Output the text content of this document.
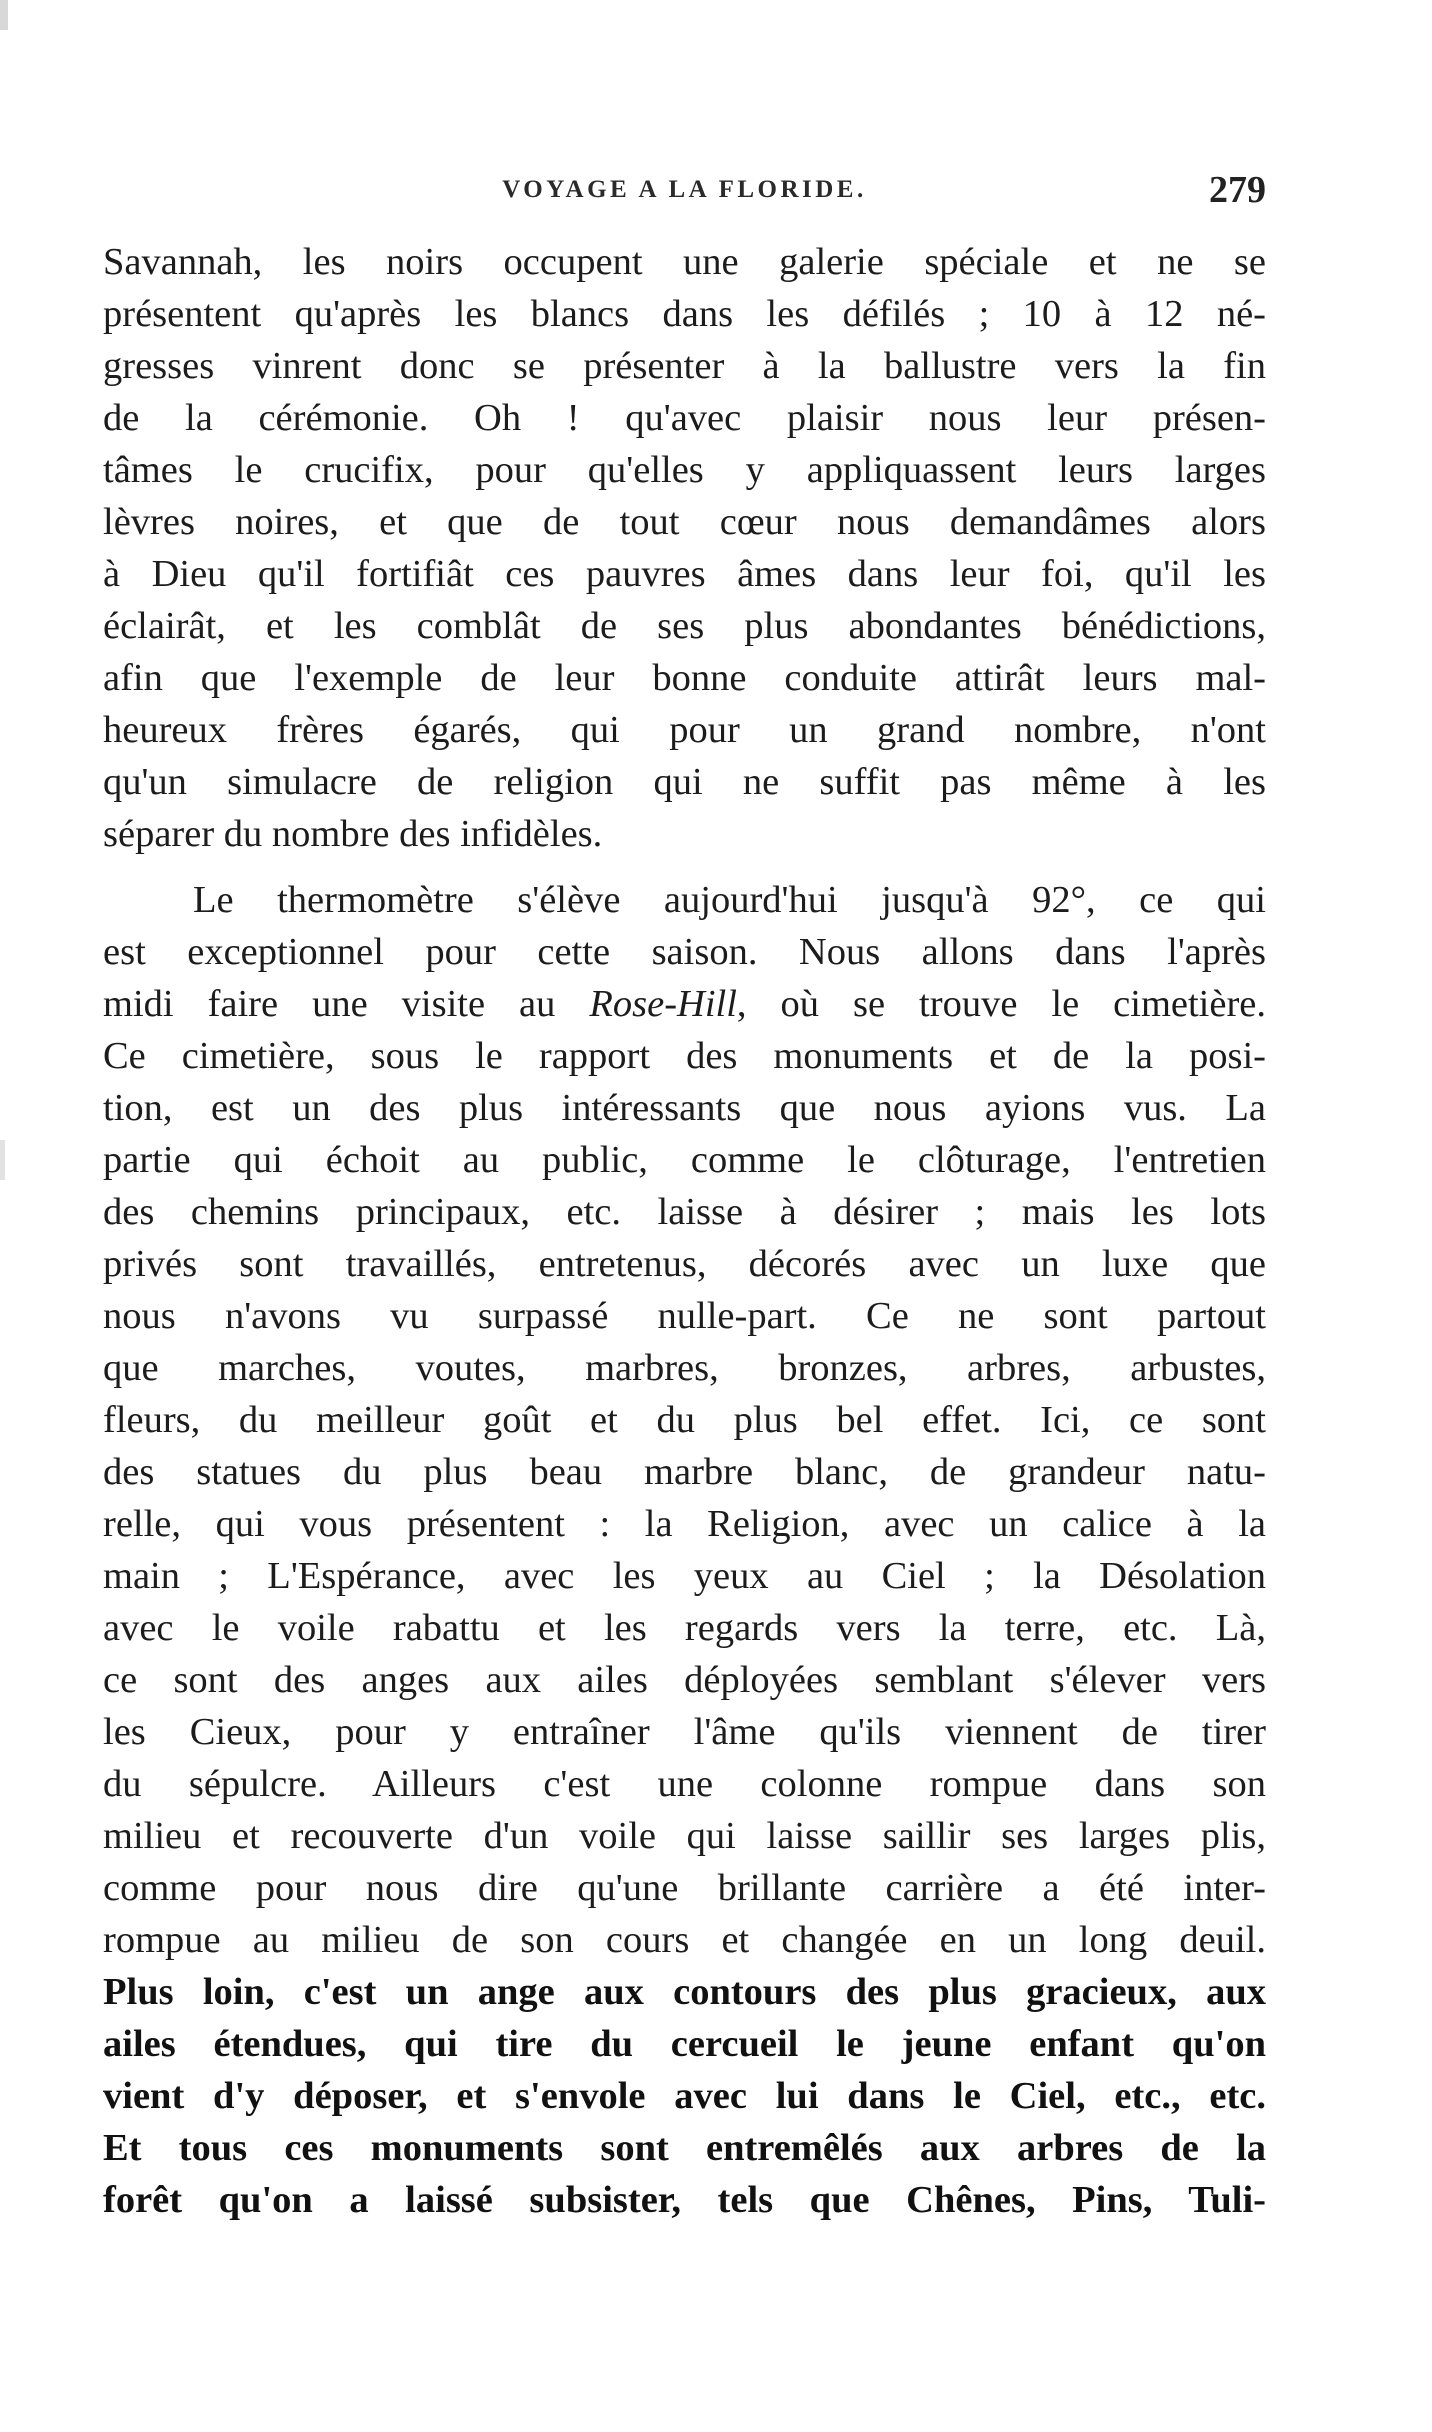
VOYAGE A LA FLORIDE.	279
Savannah, les noirs occupent une galerie spéciale et ne se
présentent qu'après les blancs dans les défilés ; 10 à 12 né-
gresses vinrent donc se présenter à la ballustre vers la fin
de la cérémonie. Oh ! qu'avec plaisir nous leur présen-
tâmes le crucifix, pour qu'elles y appliquassent leurs larges
lèvres noires, et que de tout cœur nous demandâmes alors
à Dieu qu'il fortifiât ces pauvres âmes dans leur foi, qu'il les
éclairât, et les comblât de ses plus abondantes bénédictions,
afin que l'exemple de leur bonne conduite attirât leurs mal-
heureux frères égarés, qui pour un grand nombre, n'ont
qu'un simulacre de religion qui ne suffit pas même à les
séparer du nombre des infidèles.
Le thermomètre s'élève aujourd'hui jusqu'à 92°, ce qui
est exceptionnel pour cette saison. Nous allons dans l'après
midi faire une visite au Rose-Hill, où se trouve le cimetière.
Ce cimetière, sous le rapport des monuments et de la posi-
tion, est un des plus intéressants que nous ayions vus. La
partie qui échoit au public, comme le clôturage, l'entretien
des chemins principaux, etc. laisse à désirer ; mais les lots
privés sont travaillés, entretenus, décorés avec un luxe que
nous n'avons vu surpassé nulle-part. Ce ne sont partout
que marches, voutes, marbres, bronzes, arbres, arbustes,
fleurs, du meilleur goût et du plus bel effet. Ici, ce sont
des statues du plus beau marbre blanc, de grandeur natu-
relle, qui vous présentent : la Religion, avec un calice à la
main ; L'Espérance, avec les yeux au Ciel ; la Désolation
avec le voile rabattu et les regards vers la terre, etc. Là,
ce sont des anges aux ailes déployées semblant s'élever vers
les Cieux, pour y entraîner l'âme qu'ils viennent de tirer
du sépulcre. Ailleurs c'est une colonne rompue dans son
milieu et recouverte d'un voile qui laisse saillir ses larges plis,
comme pour nous dire qu'une brillante carrière a été inter-
rompue au milieu de son cours et changée en un long deuil.
Plus loin, c'est un ange aux contours des plus gracieux, aux
ailes étendues, qui tire du cercueil le jeune enfant qu'on
vient d'y déposer, et s'envole avec lui dans le Ciel, etc., etc.
Et tous ces monuments sont entremêlés aux arbres de la
forêt qu'on a laissé subsister, tels que Chênes, Pins, Tuli-
